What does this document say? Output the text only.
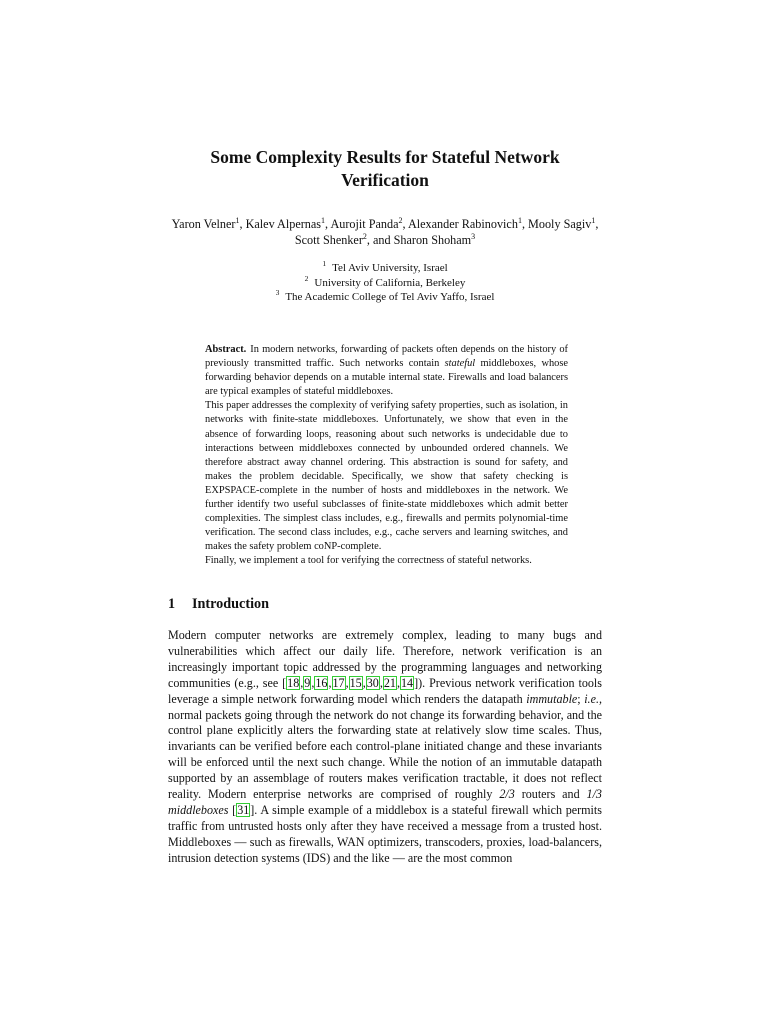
Some Complexity Results for Stateful Network Verification
Yaron Velner$^1$, Kalev Alpernas$^1$, Aurojit Panda$^2$, Alexander Rabinovich$^1$, Mooly Sagiv$^1$, Scott Shenker$^2$, and Sharon Shoham$^3$
$^1$ Tel Aviv University, Israel
$^2$ University of California, Berkeley
$^3$ The Academic College of Tel Aviv Yaffo, Israel

Abstract. In modern networks, forwarding of packets often depends on the history of previously transmitted traffic. Such networks contain stateful middleboxes, whose forwarding behavior depends on a mutable internal state. Firewalls and load balancers are typical examples of stateful middleboxes.

This paper addresses the complexity of verifying safety properties, such as isolation, in networks with finite-state middleboxes. Unfortunately, we show that even in the absence of forwarding loops, reasoning about such networks is undecidable due to interactions between middleboxes connected by unbounded ordered channels. We therefore abstract away channel ordering. This abstraction is sound for safety, and makes the problem decidable. Specifically, we show that safety checking is EXPSPACE-complete in the number of hosts and middleboxes in the network. We further identify two useful subclasses of finite-state middleboxes which admit better complexities. The simplest class includes, e.g., firewalls and permits polynomial-time verification. The second class includes, e.g., cache servers and learning switches, and makes the safety problem coNP-complete.

Finally, we implement a tool for verifying the correctness of stateful networks.

1 Introduction

Modern computer networks are extremely complex, leading to many bugs and vulnerabilities which affect our daily life. Therefore, network verification is an increasingly important topic addressed by the programming languages and networking communities (e.g., see [18,9,16,17,15,30,21,14]). Previous network verification tools leverage a simple network forwarding model which renders the datapath immutable; i.e., normal packets going through the network do not change its forwarding behavior, and the control plane explicitly alters the forwarding state at relatively slow time scales. Thus, invariants can be verified before each control-plane initiated change and these invariants will be enforced until the next such change. While the notion of an immutable datapath supported by an assemblage of routers makes verification tractable, it does not reflect reality. Modern enterprise networks are comprised of roughly 2/3 routers and 1/3 middleboxes [31]. A simple example of a middlebox is a stateful firewall which permits traffic from untrusted hosts only after they have received a message from a trusted host. Middleboxes — such as firewalls, WAN optimizers, transcoders, proxies, load-balancers, intrusion detection systems (IDS) and the like — are the most common
